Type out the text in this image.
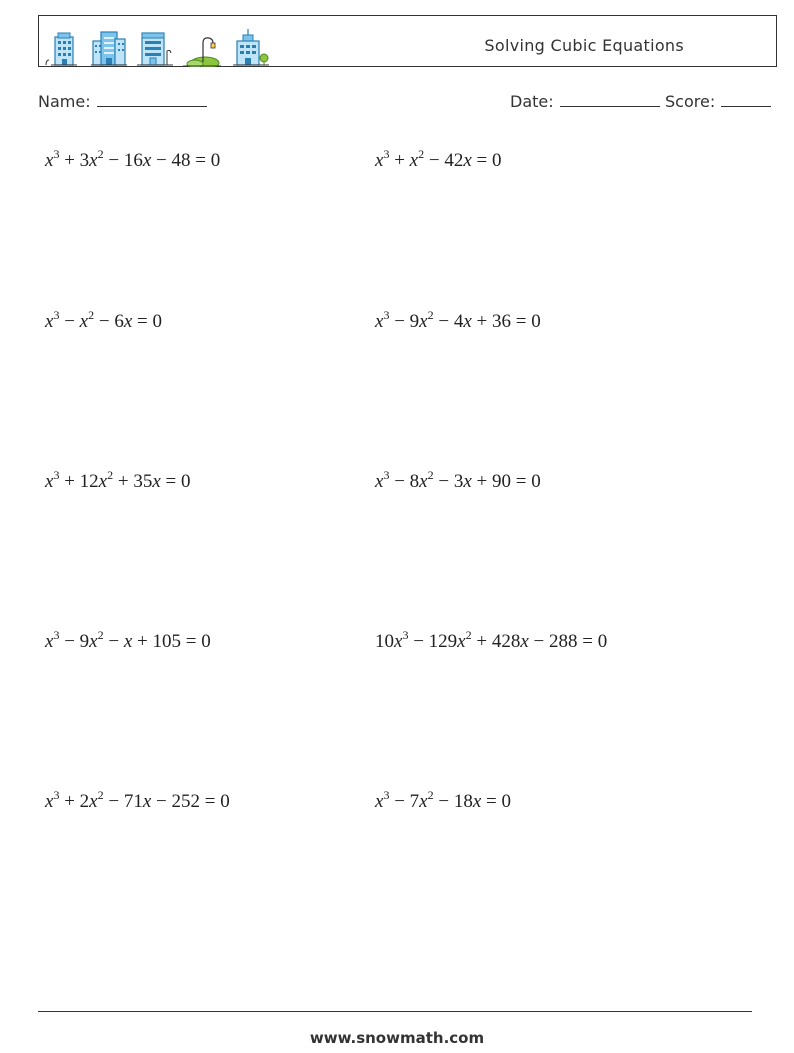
Solving Cubic Equations
Name:	Date:	Score:
$x^3 + 3x^2 - 16x - 48 = 0$	$x^3 + x^2 - 42x = 0$
$x^3 - x^2 - 6x = 0$	$x^3 - 9x^2 - 4x + 36 = 0$
$x^3 + 12x^2 + 35x = 0$	$x^3 - 8x^2 - 3x + 90 = 0$
$x^3 - 9x^2 - x + 105 = 0$	$10x^3 - 129x^2 + 428x - 288 = 0$
$x^3 + 2x^2 - 71x - 252 = 0$	$x^3 - 7x^2 - 18x = 0$
www.snowmath.com
